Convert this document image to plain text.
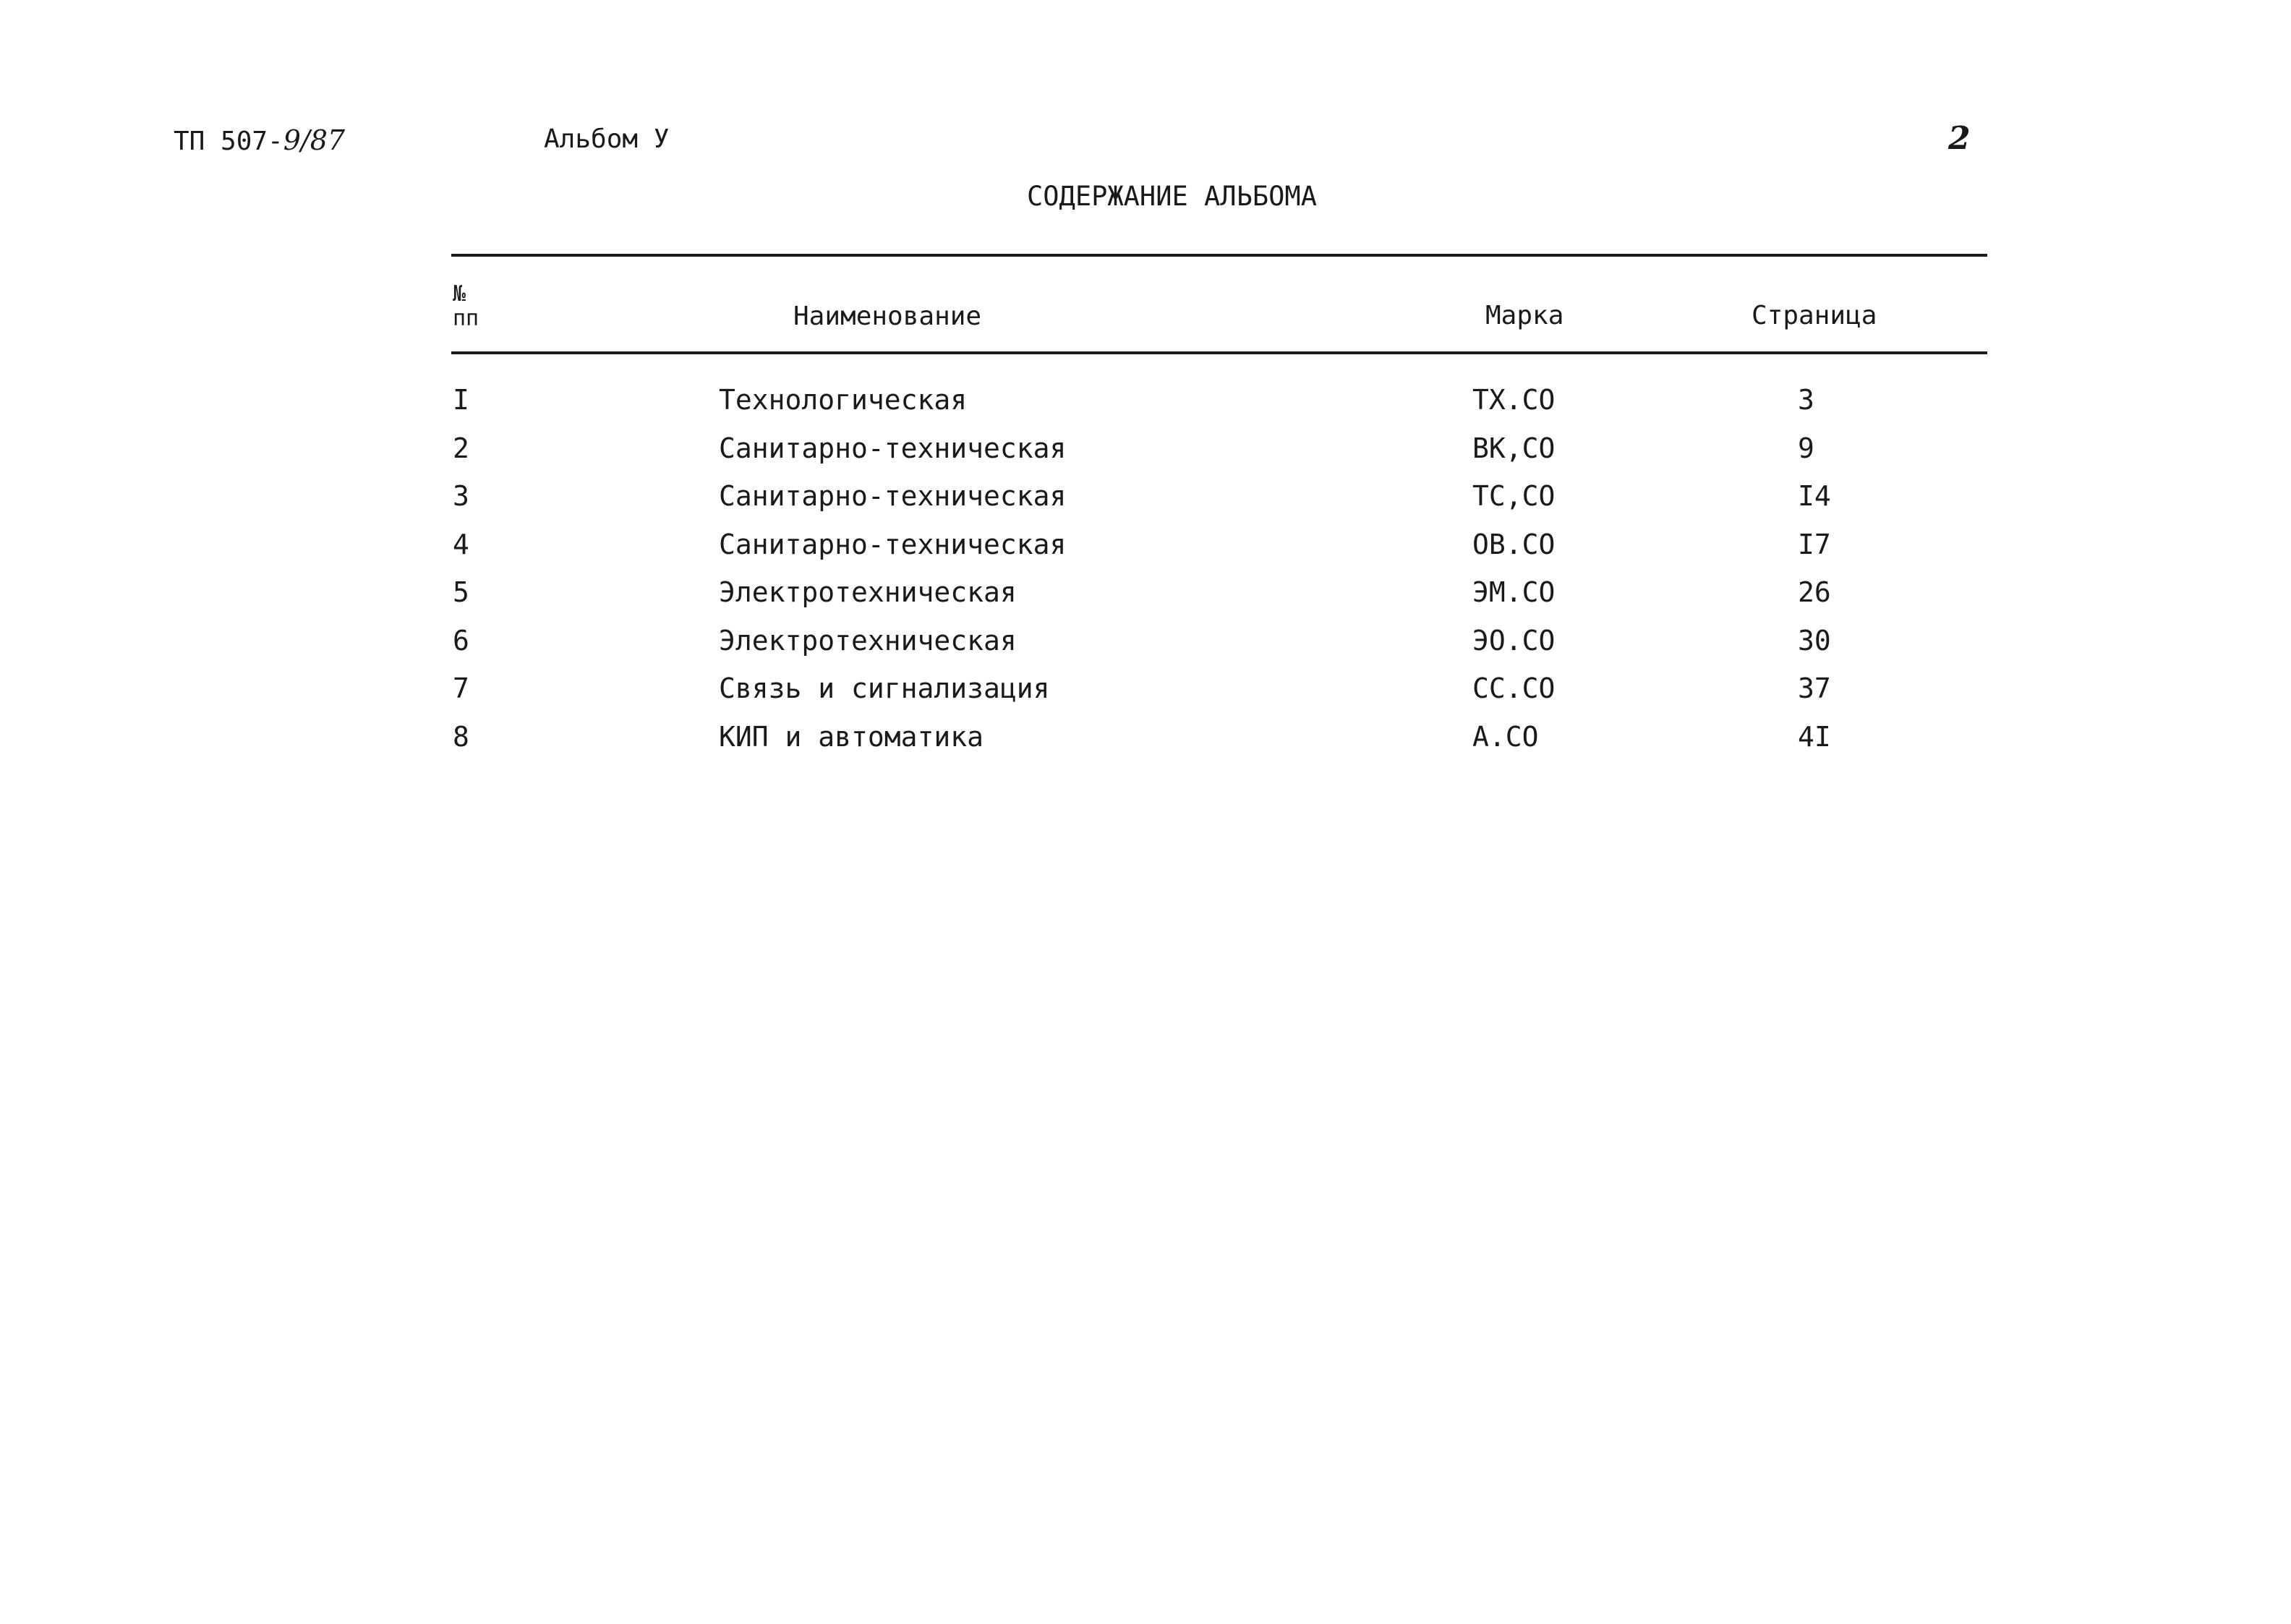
ТП 507-9/87	Альбом У	2
СОДЕРЖАНИЕ АЛЬБОМА
№
пп	Наименование	Марка	Страница
I	Технологическая	ТХ.СО	3
2	Санитарно-техническая	ВК,СО	9
3	Санитарно-техническая	ТС,СО	I4
4	Санитарно-техническая	ОВ.СО	I7
5	Электротехническая	ЭМ.СО	26
6	Электротехническая	ЭО.СО	30
7	Связь и сигнализация	СС.СО	37
8	КИП и автоматика	А.СО	4I
